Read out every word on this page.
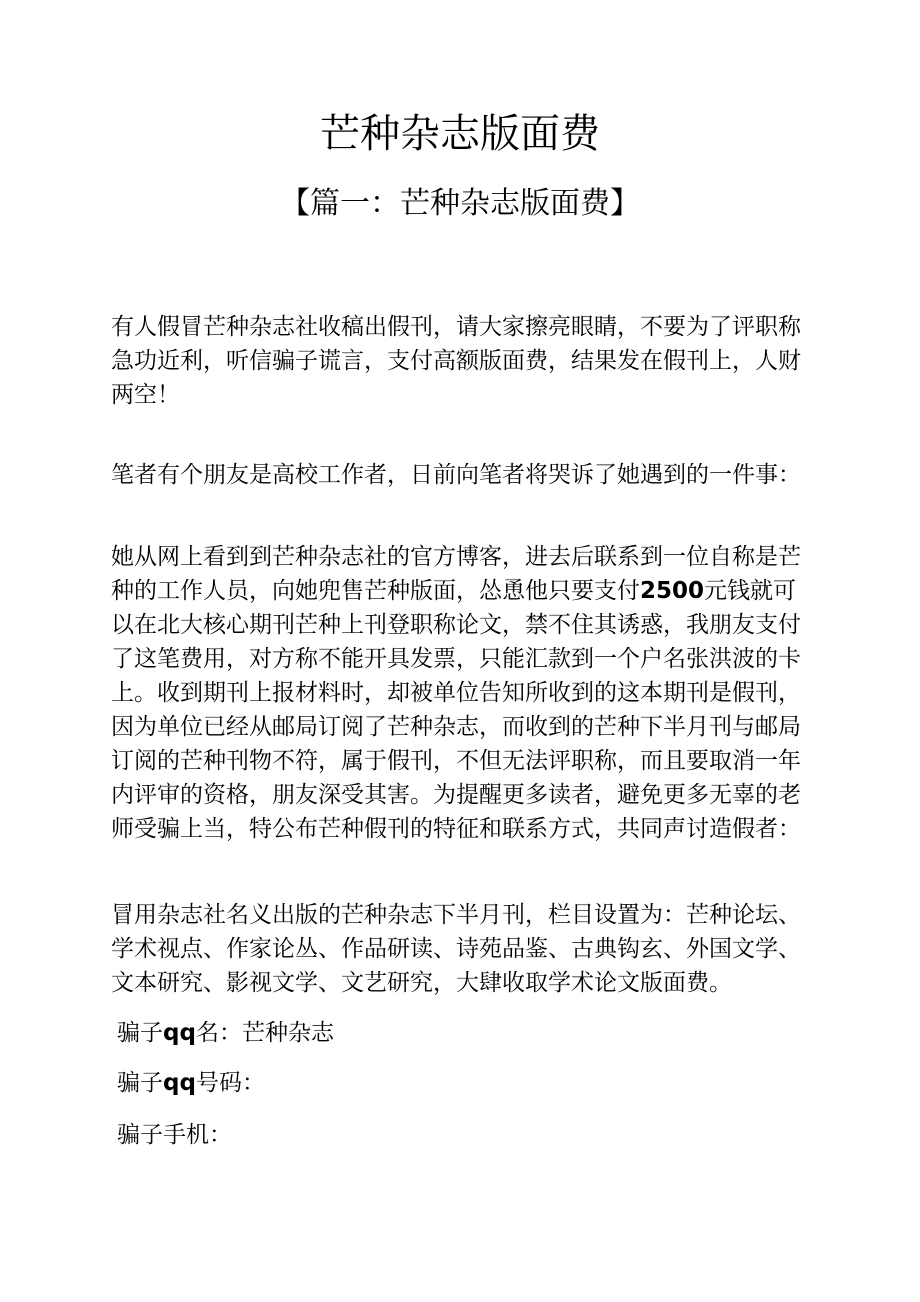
芒种杂志版面费
【篇一：芒种杂志版面费】

有人假冒芒种杂志社收稿出假刊，请大家擦亮眼睛，不要为了评职称急功近利，听信骗子谎言，支付高额版面费，结果发在假刊上，人财两空！

笔者有个朋友是高校工作者，日前向笔者将哭诉了她遇到的一件事：

她从网上看到到芒种杂志社的官方博客，进去后联系到一位自称是芒种的工作人员，向她兜售芒种版面，怂恿他只要支付2500元钱就可以在北大核心期刊芒种上刊登职称论文，禁不住其诱惑，我朋友支付了这笔费用，对方称不能开具发票，只能汇款到一个户名张洪波的卡上。收到期刊上报材料时，却被单位告知所收到的这本期刊是假刊，因为单位已经从邮局订阅了芒种杂志，而收到的芒种下半月刊与邮局订阅的芒种刊物不符，属于假刊，不但无法评职称，而且要取消一年内评审的资格，朋友深受其害。为提醒更多读者，避免更多无辜的老师受骗上当，特公布芒种假刊的特征和联系方式，共同声讨造假者：

冒用杂志社名义出版的芒种杂志下半月刊，栏目设置为：芒种论坛、学术视点、作家论丛、作品研读、诗苑品鉴、古典钩玄、外国文学、文本研究、影视文学、文艺研究，大肆收取学术论文版面费。

骗子qq名：芒种杂志

骗子qq号码：

骗子手机：
